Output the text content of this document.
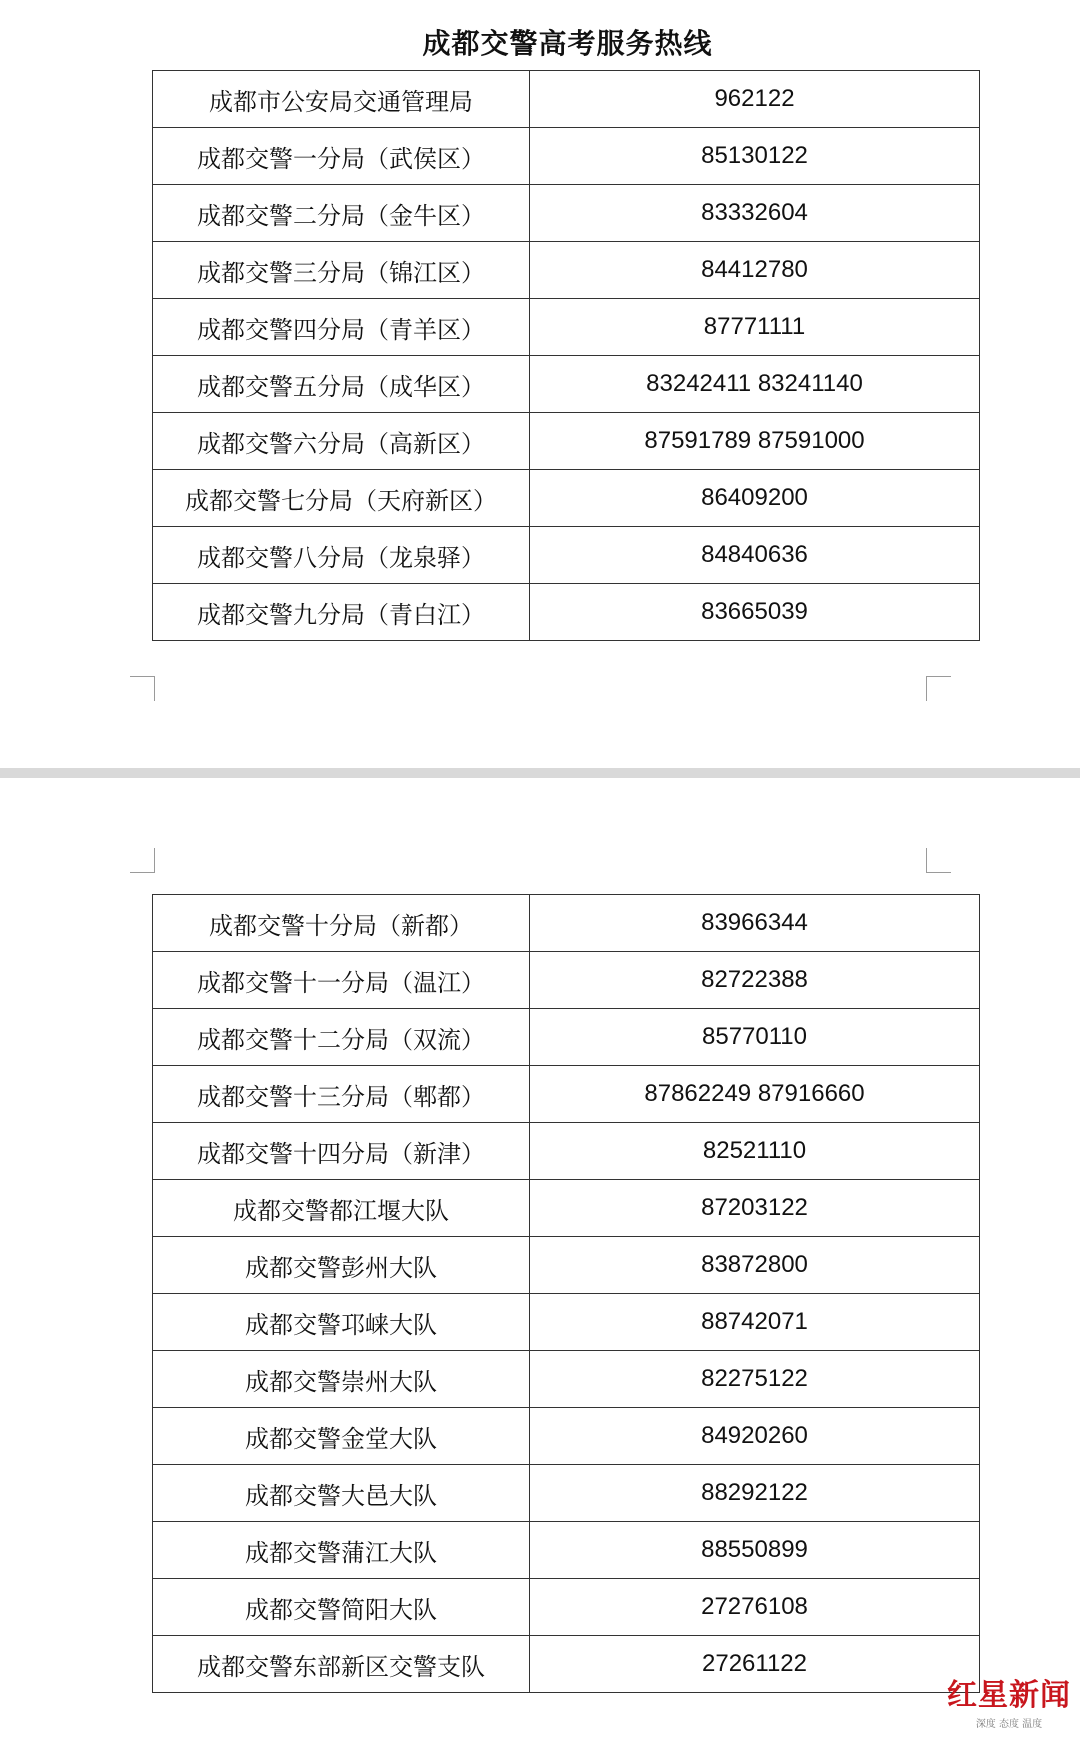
成都交警高考服务热线
成都市公安局交通管理局	962122
成都交警一分局（武侯区）	85130122
成都交警二分局（金牛区）	83332604
成都交警三分局（锦江区）	84412780
成都交警四分局（青羊区）	87771111
成都交警五分局（成华区）	83242411 83241140
成都交警六分局（高新区）	87591789 87591000
成都交警七分局（天府新区）	86409200
成都交警八分局（龙泉驿）	84840636
成都交警九分局（青白江）	83665039
成都交警十分局（新都）	83966344
成都交警十一分局（温江）	82722388
成都交警十二分局（双流）	85770110
成都交警十三分局（郫都）	87862249 87916660
成都交警十四分局（新津）	82521110
成都交警都江堰大队	87203122
成都交警彭州大队	83872800
成都交警邛崃大队	88742071
成都交警崇州大队	82275122
成都交警金堂大队	84920260
成都交警大邑大队	88292122
成都交警蒲江大队	88550899
成都交警简阳大队	27276108
成都交警东部新区交警支队	27261122
红星新闻
深度 态度 温度
